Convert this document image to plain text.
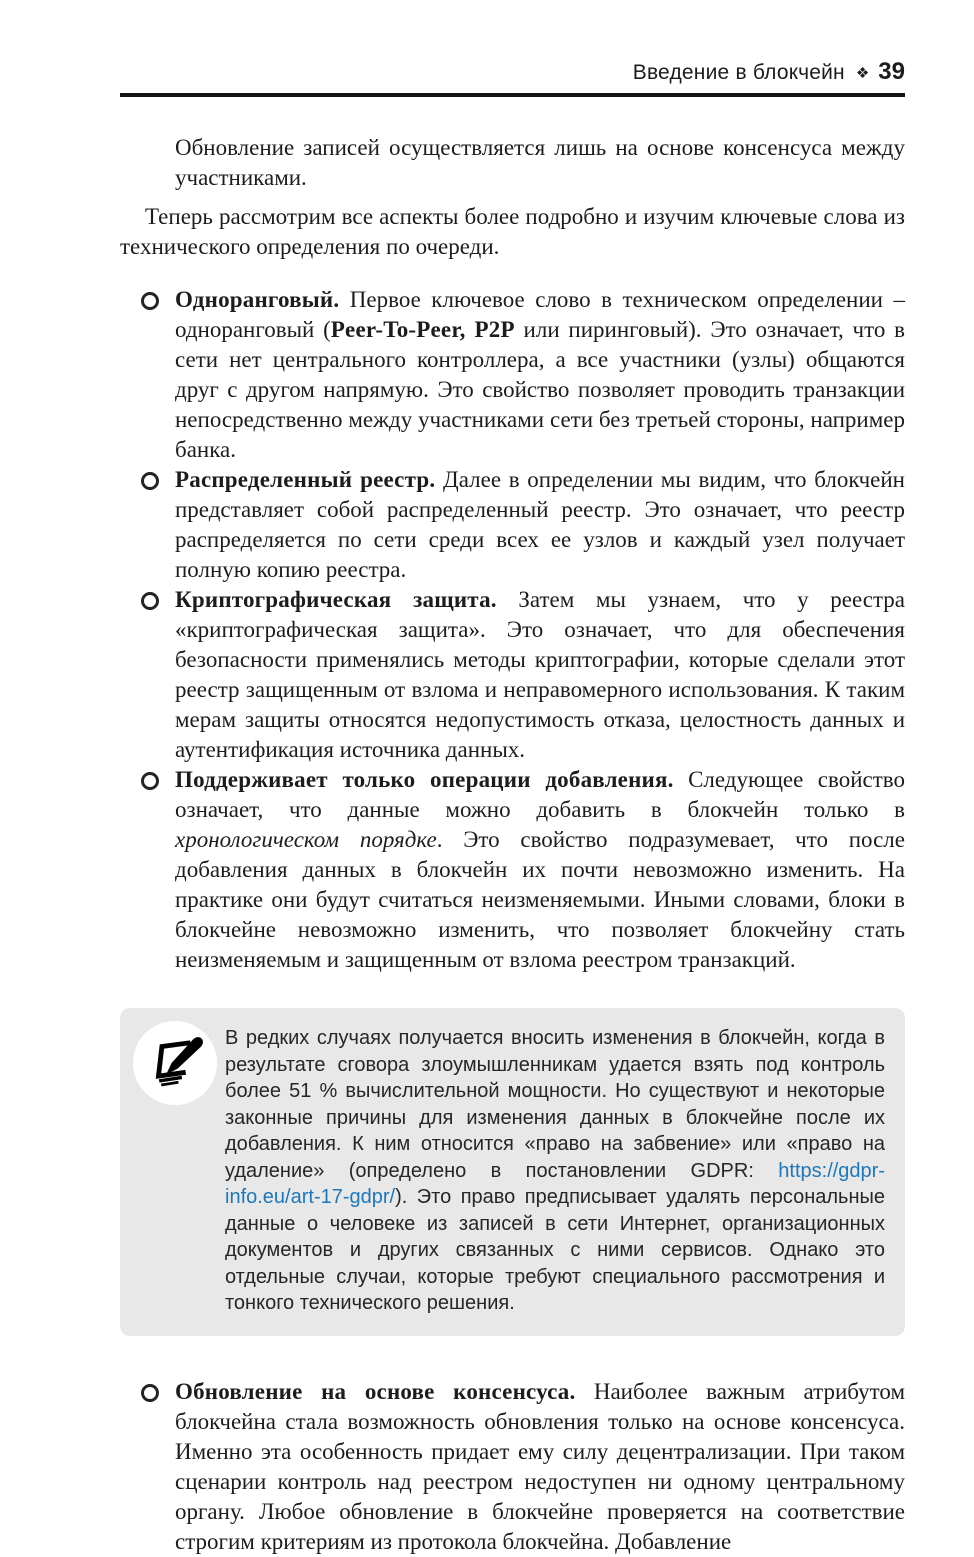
Введение в блокчейн ❖ 39

Обновление записей осуществляется лишь на основе консенсуса между участниками.

Теперь рассмотрим все аспекты более подробно и изучим ключевые слова из технического определения по очереди.

Одноранговый. Первое ключевое слово в техническом определении – одноранговый (Peer-To-Peer, P2P или пиринговый). Это означает, что в сети нет центрального контроллера, а все участники (узлы) общаются друг с другом напрямую. Это свойство позволяет проводить транзакции непосредственно между участниками сети без третьей стороны, например банка.

Распределенный реестр. Далее в определении мы видим, что блокчейн представляет собой распределенный реестр. Это означает, что реестр распределяется по сети среди всех ее узлов и каждый узел получает полную копию реестра.

Криптографическая защита. Затем мы узнаем, что у реестра «криптографическая защита». Это означает, что для обеспечения безопасности применялись методы криптографии, которые сделали этот реестр защищенным от взлома и неправомерного использования. К таким мерам защиты относятся недопустимость отказа, целостность данных и аутентификация источника данных.

Поддерживает только операции добавления. Следующее свойство означает, что данные можно добавить в блокчейн только в хронологическом порядке. Это свойство подразумевает, что после добавления данных в блокчейн их почти невозможно изменить. На практике они будут считаться неизменяемыми. Иными словами, блоки в блокчейне невозможно изменить, что позволяет блокчейну стать неизменяемым и защищенным от взлома реестром транзакций.

В редких случаях получается вносить изменения в блокчейн, когда в результате сговора злоумышленникам удается взять под контроль более 51 % вычислительной мощности. Но существуют и некоторые законные причины для изменения данных в блокчейне после их добавления. К ним относится «право на забвение» или «право на удаление» (определено в постановлении GDPR: https://gdpr-info.eu/art-17-gdpr/). Это право предписывает удалять персональные данные о человеке из записей в сети Интернет, организационных документов и других связанных с ними сервисов. Однако это отдельные случаи, которые требуют специального рассмотрения и тонкого технического решения.

Обновление на основе консенсуса. Наиболее важным атрибутом блокчейна стала возможность обновления только на основе консенсуса. Именно эта особенность придает ему силу децентрализации. При таком сценарии контроль над реестром недоступен ни одному центральному органу. Любое обновление в блокчейне проверяется на соответствие строгим критериям из протокола блокчейна. Добавление
